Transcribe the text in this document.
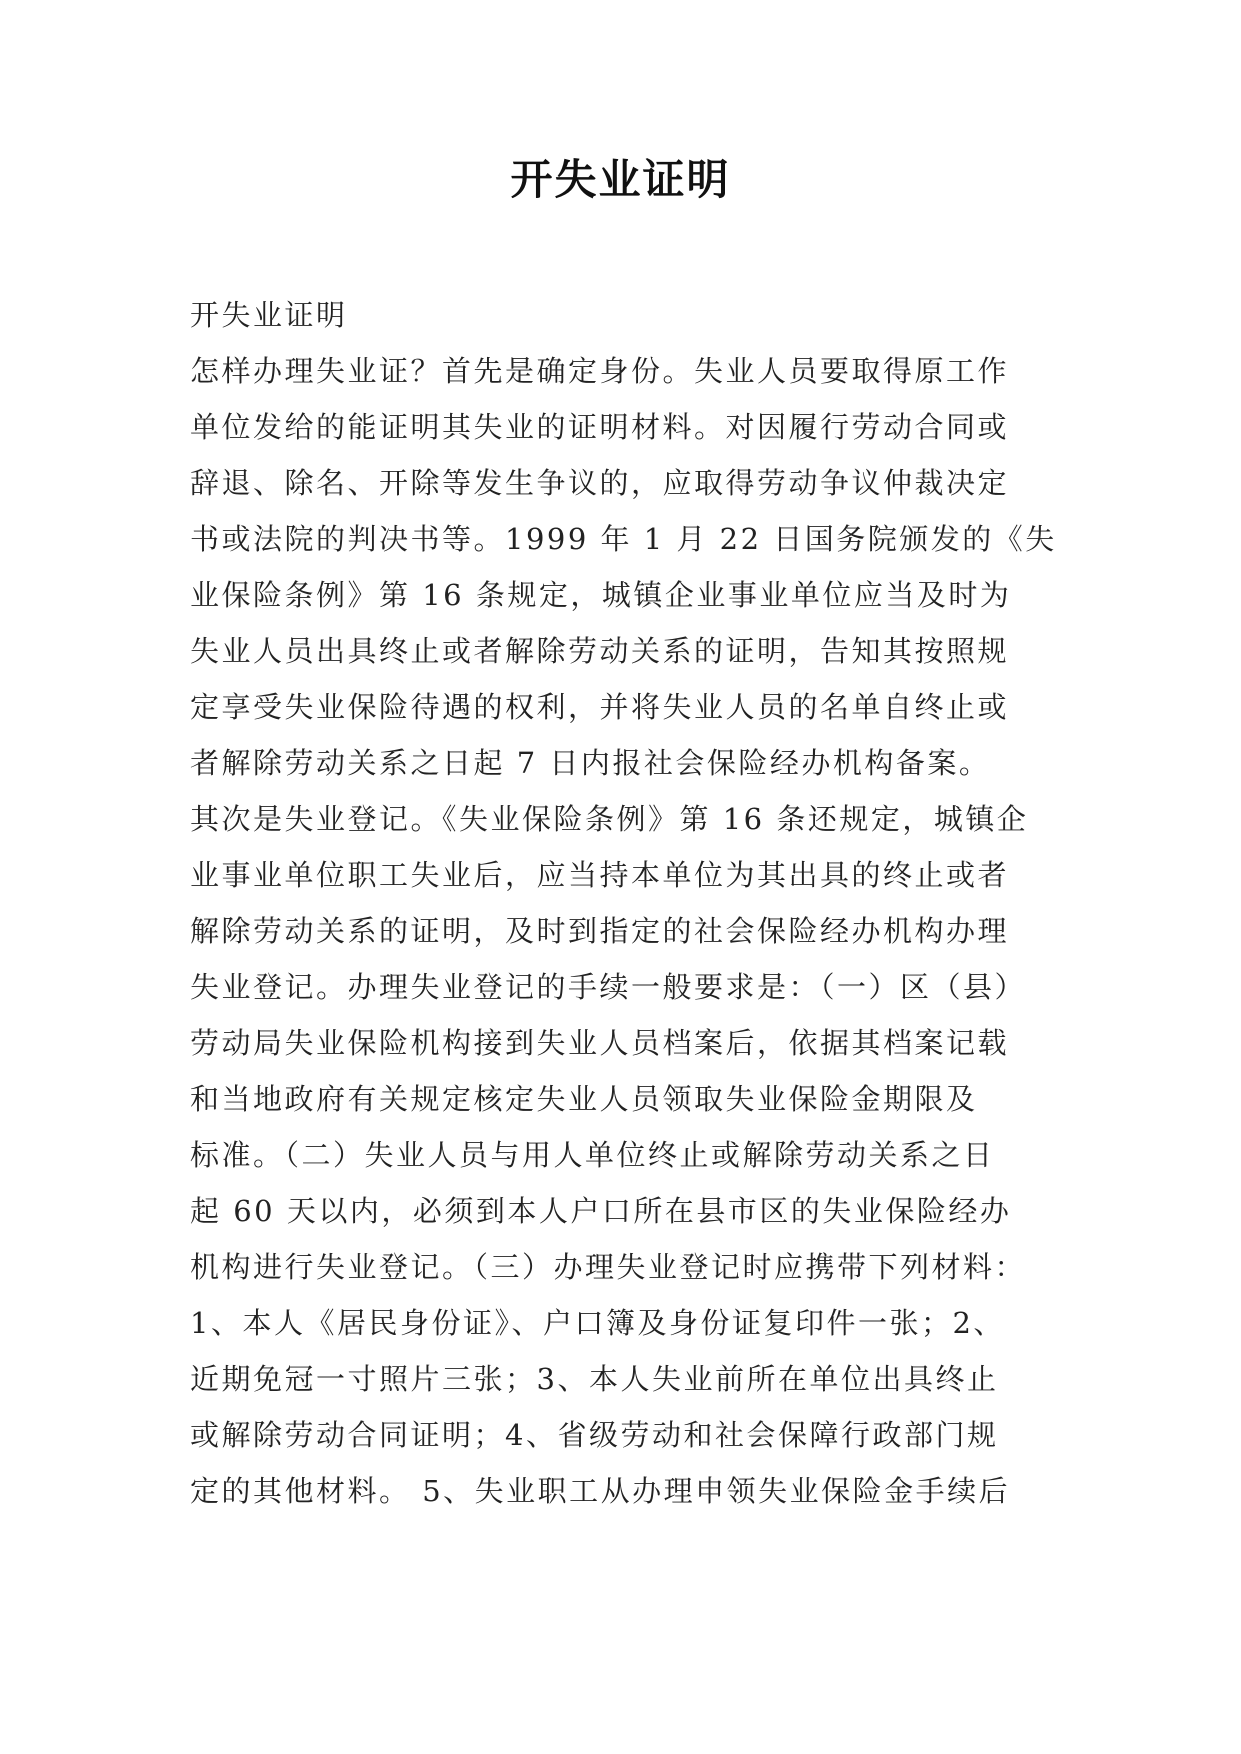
开失业证明
开失业证明
怎样办理失业证？首先是确定身份。失业人员要取得原工作
单位发给的能证明其失业的证明材料。对因履行劳动合同或
辞退、除名、开除等发生争议的，应取得劳动争议仲裁决定
书或法院的判决书等。1999 年 1 月 22 日国务院颁发的《失
业保险条例》第 16 条规定，城镇企业事业单位应当及时为
失业人员出具终止或者解除劳动关系的证明，告知其按照规
定享受失业保险待遇的权利，并将失业人员的名单自终止或
者解除劳动关系之日起 7 日内报社会保险经办机构备案。
其次是失业登记。《失业保险条例》第 16 条还规定，城镇企
业事业单位职工失业后，应当持本单位为其出具的终止或者
解除劳动关系的证明，及时到指定的社会保险经办机构办理
失业登记。办理失业登记的手续一般要求是：（一）区（县）
劳动局失业保险机构接到失业人员档案后，依据其档案记载
和当地政府有关规定核定失业人员领取失业保险金期限及
标准。（二）失业人员与用人单位终止或解除劳动关系之日
起 60 天以内，必须到本人户口所在县市区的失业保险经办
机构进行失业登记。（三）办理失业登记时应携带下列材料：
1、本人《居民身份证》、户口簿及身份证复印件一张；2、
近期免冠一寸照片三张；3、本人失业前所在单位出具终止
或解除劳动合同证明；4、省级劳动和社会保障行政部门规
定的其他材料。 5、失业职工从办理申领失业保险金手续后
